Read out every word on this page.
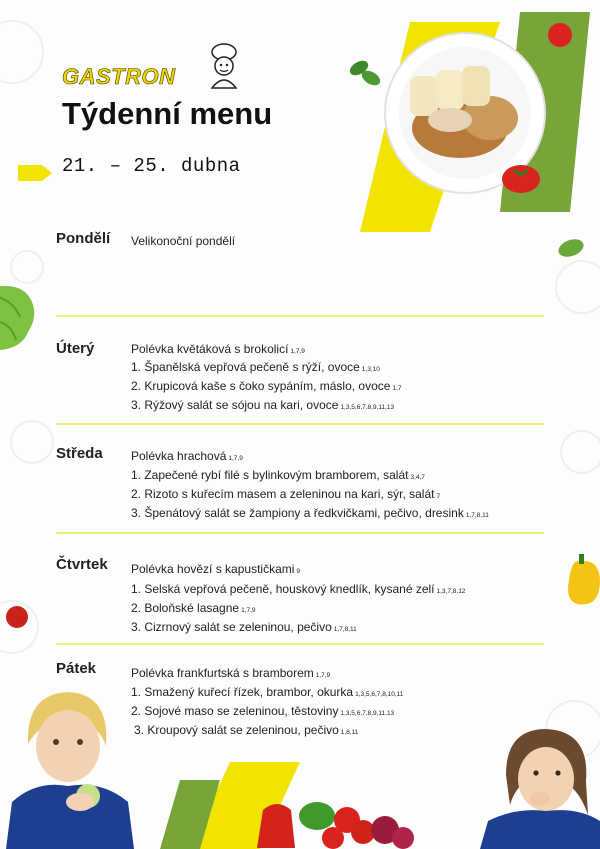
GASTRON
Týdenní menu
21. – 25. dubna
Pondělí Velikonoční pondělí
Úterý	Polévka květáková s brokolicí 1,7,9
1. Španělská vepřová pečeně s rýží, ovoce 1,3,10
2. Krupicová kaše s čoko sypáním, máslo, ovoce 1,7
3. Rýžový salát se sójou na kari, ovoce 1,3,5,6,7,8,9,11,13
Středa Polévka hrachová 1,7,9
1. Zapečené rybí filé s bylinkovým bramborem, salát 3,4,7
2. Rizoto s kuřecím masem a zeleninou na kari, sýr, salát 7
3. Špenátový salát se žampiony a ředkvičkami, pečivo, dresink 1,7,8,11
Čtvrtek Polévka hovězí s kapustičkami 9
1. Selská vepřová pečeně, houskový knedlík, kysané zelí 1,3,7,8,12
2. Boloňské lasagne 1,7,9
3. Cizrnový salát se zeleninou, pečivo 1,7,8,11
Pátek	Polévka frankfurtská s bramborem 1,7,9
1. Smažený kuřecí řízek, brambor, okurka 1,3,5,6,7,8,10,11
2. Sojové maso se zeleninou, těstoviny 1,3,5,6,7,8,9,11,13
3. Kroupový salát se zeleninou, pečivo 1,8,11
